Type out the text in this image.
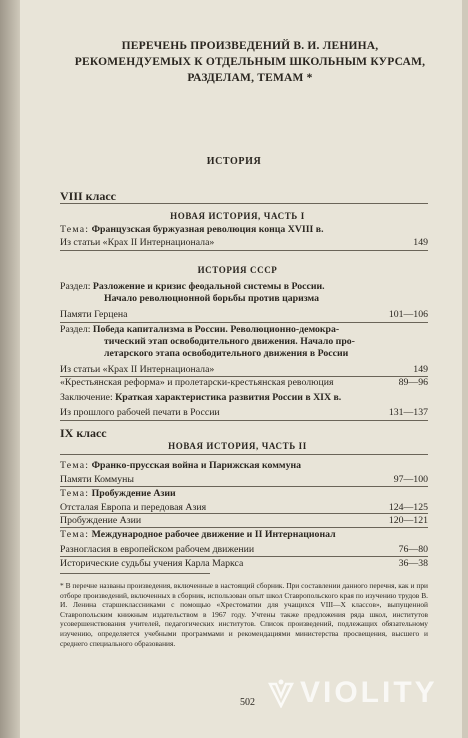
ПЕРЕЧЕНЬ ПРОИЗВЕДЕНИЙ В. И. ЛЕНИНА,
РЕКОМЕНДУЕМЫХ К ОТДЕЛЬНЫМ ШКОЛЬНЫМ КУРСАМ,
РАЗДЕЛАМ, ТЕМАМ *
ИСТОРИЯ
VIII класс
НОВАЯ ИСТОРИЯ, ЧАСТЬ I
Тема: Французская буржуазная революция конца XVIII в.
Из статьи «Крах II Интернационала»	149
ИСТОРИЯ СССР
Раздел: Разложение и кризис феодальной системы в России.
Начало революционной борьбы против царизма
Памяти Герцена	101—106
Раздел: Победа капитализма в России. Революционно-демокра-
тический этап освободительного движения. Начало про-
летарского этапа освободительного движения в России
Из статьи «Крах II Интернационала»	149
«Крестьянская реформа» и пролетарски-крестьянская революция	89—96
Заключение: Краткая характеристика развития России в XIX в.
Из прошлого рабочей печати в России	131—137
IX класс
НОВАЯ ИСТОРИЯ, ЧАСТЬ II
Тема: Франко-прусская война и Парижская коммуна
Памяти Коммуны	97—100
Тема: Пробуждение Азии
Отсталая Европа и передовая Азия	124—125
Пробуждение Азии	120—121
Тема: Международное рабочее движение и II Интернационал
Разногласия в европейском рабочем движении	76—80
Исторические судьбы учения Карла Маркса	36—38
* В перечне названы произведения, включенные в настоящий сборник. При составлении данного перечня, как и при отборе произведений, включенных в сборник, использован опыт школ Ставропольского края по изучению трудов В. И. Ленина старшеклассниками с помощью «Хрестоматии для учащихся VIII—X классов», выпущенной Ставропольским книжным издательством в 1967 году. Учтены также предложения ряда школ, институтов усовершенствования учителей, педагогических институтов. Список произведений, подлежащих обязательному изучению, определяется учебными программами и рекомендациями министерства просвещения, высшего и среднего специального образования.
502 VIOLITY
